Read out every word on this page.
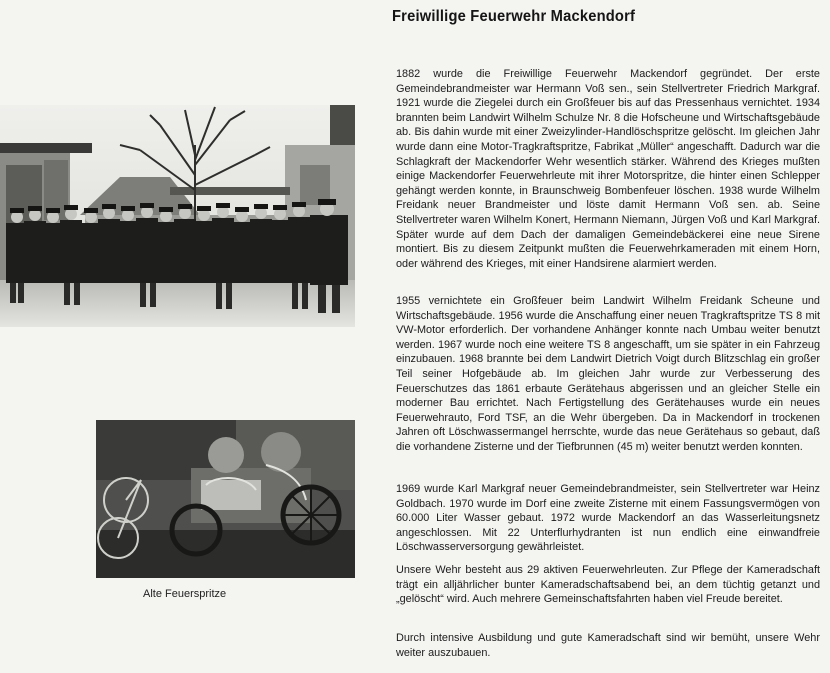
Freiwillige Feuerwehr Mackendorf
Alte Feuerspritze
1882 wurde die Freiwillige Feuerwehr Mackendorf gegründet. Der erste Gemeindebrandmeister war Hermann Voß sen., sein Stellvertreter Friedrich Markgraf. 1921 wurde die Ziegelei durch ein Großfeuer bis auf das Pressenhaus vernichtet. 1934 brannten beim Landwirt Wilhelm Schulze Nr. 8 die Hofscheune und Wirtschaftsgebäude ab. Bis dahin wurde mit einer Zweizylinder-Handlöschspritze gelöscht. Im gleichen Jahr wurde dann eine Motor-Tragkraftspritze, Fabrikat „Müller“ angeschafft. Dadurch war die Schlagkraft der Mackendorfer Wehr wesentlich stärker. Während des Krieges mußten einige Mackendorfer Feuerwehrleute mit ihrer Motorspritze, die hinter einen Schlepper gehängt werden konnte, in Braunschweig Bombenfeuer löschen. 1938 wurde Wilhelm Freidank neuer Brandmeister und löste damit Hermann Voß sen. ab. Seine Stellvertreter waren Wilhelm Konert, Hermann Niemann, Jürgen Voß und Karl Markgraf. Später wurde auf dem Dach der damaligen Gemeindebäckerei eine neue Sirene montiert. Bis zu diesem Zeitpunkt mußten die Feuerwehrkameraden mit einem Horn, oder während des Krieges, mit einer Handsirene alarmiert werden.
1955 vernichtete ein Großfeuer beim Landwirt Wilhelm Freidank Scheune und Wirtschaftsgebäude. 1956 wurde die Anschaffung einer neuen Tragkraftspritze TS 8 mit VW-Motor erforderlich. Der vorhandene Anhänger konnte nach Umbau weiter benutzt werden. 1967 wurde noch eine weitere TS 8 angeschafft, um sie später in ein Fahrzeug einzubauen. 1968 brannte bei dem Landwirt Dietrich Voigt durch Blitzschlag ein großer Teil seiner Hofgebäude ab. Im gleichen Jahr wurde zur Verbesserung des Feuerschutzes das 1861 erbaute Gerätehaus abgerissen und an gleicher Stelle ein moderner Bau errichtet. Nach Fertigstellung des Gerätehauses wurde ein neues Feuerwehrauto, Ford TSF, an die Wehr übergeben. Da in Mackendorf in trockenen Jahren oft Löschwassermangel herrschte, wurde das neue Gerätehaus so gebaut, daß die vorhandene Zisterne und der Tiefbrunnen (45 m) weiter benutzt werden konnten.
1969 wurde Karl Markgraf neuer Gemeindebrandmeister, sein Stellvertreter war Heinz Goldbach. 1970 wurde im Dorf eine zweite Zisterne mit einem Fassungsvermögen von 60.000 Liter Wasser gebaut. 1972 wurde Mackendorf an das Wasserleitungsnetz angeschlossen. Mit 22 Unterflurhydranten ist nun endlich eine einwandfreie Löschwasserversorgung gewährleistet.
Unsere Wehr besteht aus 29 aktiven Feuerwehrleuten. Zur Pflege der Kameradschaft trägt ein alljährlicher bunter Kameradschaftsabend bei, an dem tüchtig getanzt und „gelöscht“ wird. Auch mehrere Gemeinschaftsfahrten haben viel Freude bereitet.
Durch intensive Ausbildung und gute Kameradschaft sind wir bemüht, unsere Wehr weiter auszubauen.
